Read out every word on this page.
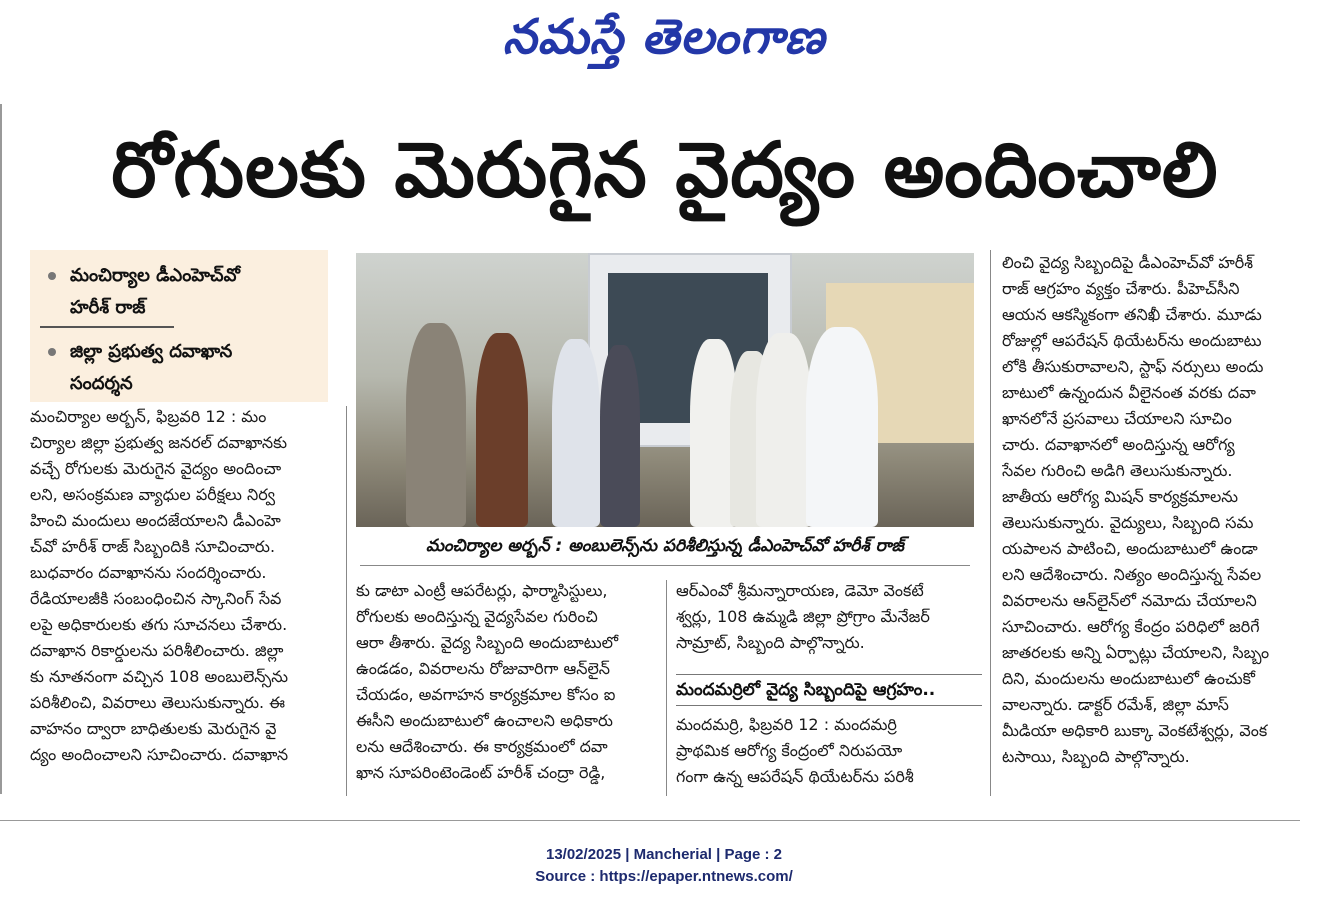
నమస్తే తెలంగాణ
రోగులకు మెరుగైన వైద్యం అందించాలి
మంచిర్యాల డీఎంహెచ్‌వో
హరీశ్ రాజ్
జిల్లా ప్రభుత్వ దవాఖాన
సందర్శన
మంచిర్యాల అర్బన్ : అంబులెన్స్‌ను పరిశీలిస్తున్న డీఎంహెచ్‌వో హరీశ్ రాజ్

మంచిర్యాల అర్బన్, ఫిబ్రవరి 12 : మం

చిర్యాల జిల్లా ప్రభుత్వ జనరల్ దవాఖానకు

వచ్చే రోగులకు మెరుగైన వైద్యం అందించా

లని, అసంక్రమణ వ్యాధుల పరీక్షలు నిర్వ

హించి మందులు అందజేయాలని డీఎంహె

చ్‌వో హరీశ్ రాజ్ సిబ్బందికి సూచించారు.

బుధవారం దవాఖానను సందర్శించారు.

రేడియాలజీకి సంబంధించిన స్కానింగ్ సేవ

లపై అధికారులకు తగు సూచనలు చేశారు.

దవాఖాన రికార్డులను పరిశీలించారు. జిల్లా

కు నూతనంగా వచ్చిన 108 అంబులెన్స్‌ను

పరిశీలించి, వివరాలు తెలుసుకున్నారు. ఈ

వాహనం ద్వారా బాధితులకు మెరుగైన వై

ద్యం అందించాలని సూచించారు. దవాఖాన

కు డాటా ఎంట్రీ ఆపరేటర్లు, ఫార్మాసిస్టులు,

రోగులకు అందిస్తున్న వైద్యసేవల గురించి

ఆరా తీశారు. వైద్య సిబ్బంది అందుబాటులో

ఉండడం, వివరాలను రోజువారిగా ఆన్‌లైన్

చేయడం, అవగాహన కార్యక్రమాల కోసం ఐ

ఈసీని అందుబాటులో ఉంచాలని అధికారు

లను ఆదేశించారు. ఈ కార్యక్రమంలో దవా

ఖాన సూపరింటెండెంట్ హరీశ్ చంద్రా రెడ్డి,

ఆర్‌ఎంవో శ్రీమన్నారాయణ, డెమో వెంకటే

శ్వర్లు, 108 ఉమ్మడి జిల్లా ప్రోగ్రాం మేనేజర్

సామ్రాట్, సిబ్బంది పాల్గొన్నారు.

మందమర్రిలో వైద్య సిబ్బందిపై ఆగ్రహం..

మందమర్రి, ఫిబ్రవరి 12 : మందమర్రి

ప్రాథమిక ఆరోగ్య కేంద్రంలో నిరుపయో

గంగా ఉన్న ఆపరేషన్ థియేటర్‌ను పరిశీ

లించి వైద్య సిబ్బందిపై డీఎంహెచ్‌వో హరీశ్

రాజ్ ఆగ్రహం వ్యక్తం చేశారు. పీహెచ్‌సీని

ఆయన ఆకస్మికంగా తనిఖీ చేశారు. మూడు

రోజుల్లో ఆపరేషన్ థియేటర్‌ను అందుబాటు

లోకి తీసుకురావాలని, స్టాఫ్ నర్సులు అందు

బాటులో ఉన్నందున వీలైనంత వరకు దవా

ఖానలోనే ప్రసవాలు చేయాలని సూచిం

చారు. దవాఖానలో అందిస్తున్న ఆరోగ్య

సేవల గురించి అడిగి తెలుసుకున్నారు.

జాతీయ ఆరోగ్య మిషన్ కార్యక్రమాలను

తెలుసుకున్నారు. వైద్యులు, సిబ్బంది సమ

యపాలన పాటించి, అందుబాటులో ఉండా

లని ఆదేశించారు. నిత్యం అందిస్తున్న సేవల

వివరాలను ఆన్‌లైన్‌లో నమోదు చేయాలని

సూచించారు. ఆరోగ్య కేంద్రం పరిధిలో జరిగే

జాతరలకు అన్ని ఏర్పాట్లు చేయాలని, సిబ్బం

దిని, మందులను అందుబాటులో ఉంచుకో

వాలన్నారు. డాక్టర్ రమేశ్, జిల్లా మాస్

మీడియా అధికారి బుక్కా వెంకటేశ్వర్లు, వెంక

టసాయి, సిబ్బంది పాల్గొన్నారు.

13/02/2025 | Mancherial | Page : 2
Source : https://epaper.ntnews.com/
